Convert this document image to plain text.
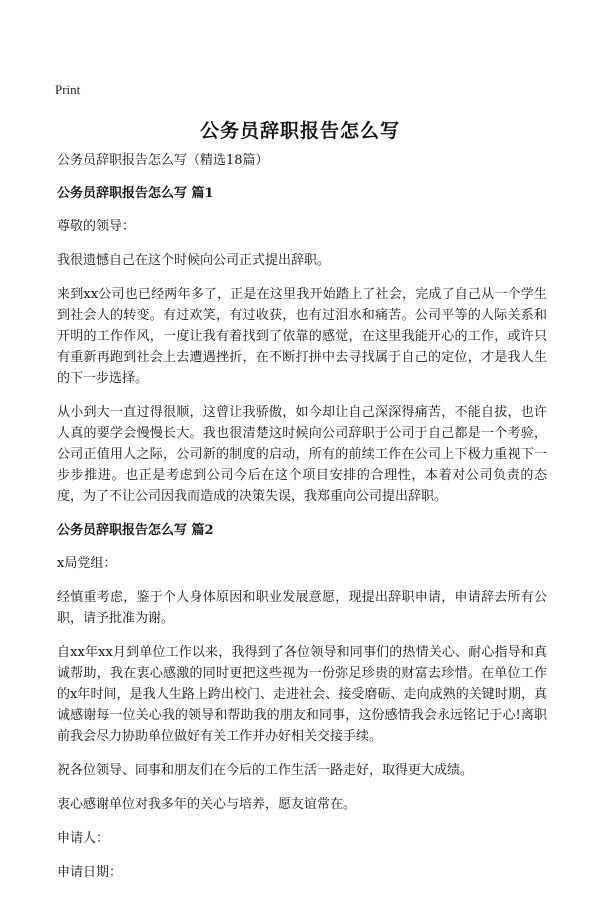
Print
公务员辞职报告怎么写

公务员辞职报告怎么写（精选18篇）

公务员辞职报告怎么写 篇1

尊敬的领导：

我很遗憾自己在这个时候向公司正式提出辞职。

来到xx公司也已经两年多了，正是在这里我开始踏上了社会，完成了自己从一个学生到社会人的转变。有过欢笑，有过收获，也有过泪水和痛苦。公司平等的人际关系和开明的工作作风，一度让我有着找到了依靠的感觉，在这里我能开心的工作，或许只有重新再跑到社会上去遭遇挫折，在不断打拼中去寻找属于自己的定位，才是我人生的下一步选择。

从小到大一直过得很顺，这曾让我骄傲，如今却让自己深深得痛苦，不能自拔，也许人真的要学会慢慢长大。我也很清楚这时候向公司辞职于公司于自己都是一个考验，公司正值用人之际，公司新的制度的启动，所有的前续工作在公司上下极力重视下一步步推进。也正是考虑到公司今后在这个项目安排的合理性，本着对公司负责的态度，为了不让公司因我而造成的决策失误，我郑重向公司提出辞职。

公务员辞职报告怎么写 篇2

x局党组：

经慎重考虑，鉴于个人身体原因和职业发展意愿，现提出辞职申请，申请辞去所有公职，请予批准为谢。

自xx年xx月到单位工作以来，我得到了各位领导和同事们的热情关心、耐心指导和真诚帮助，我在衷心感激的同时更把这些视为一份弥足珍贵的财富去珍惜。在单位工作的x年时间，是我人生路上跨出校门、走进社会、接受磨砺、走向成熟的关键时期，真诚感谢每一位关心我的领导和帮助我的朋友和同事，这份感情我会永远铭记于心!离职前我会尽力协助单位做好有关工作并办好相关交接手续。

祝各位领导、同事和朋友们在今后的工作生活一路走好，取得更大成绩。

衷心感谢单位对我多年的关心与培养，愿友谊常在。

申请人：

申请日期：
